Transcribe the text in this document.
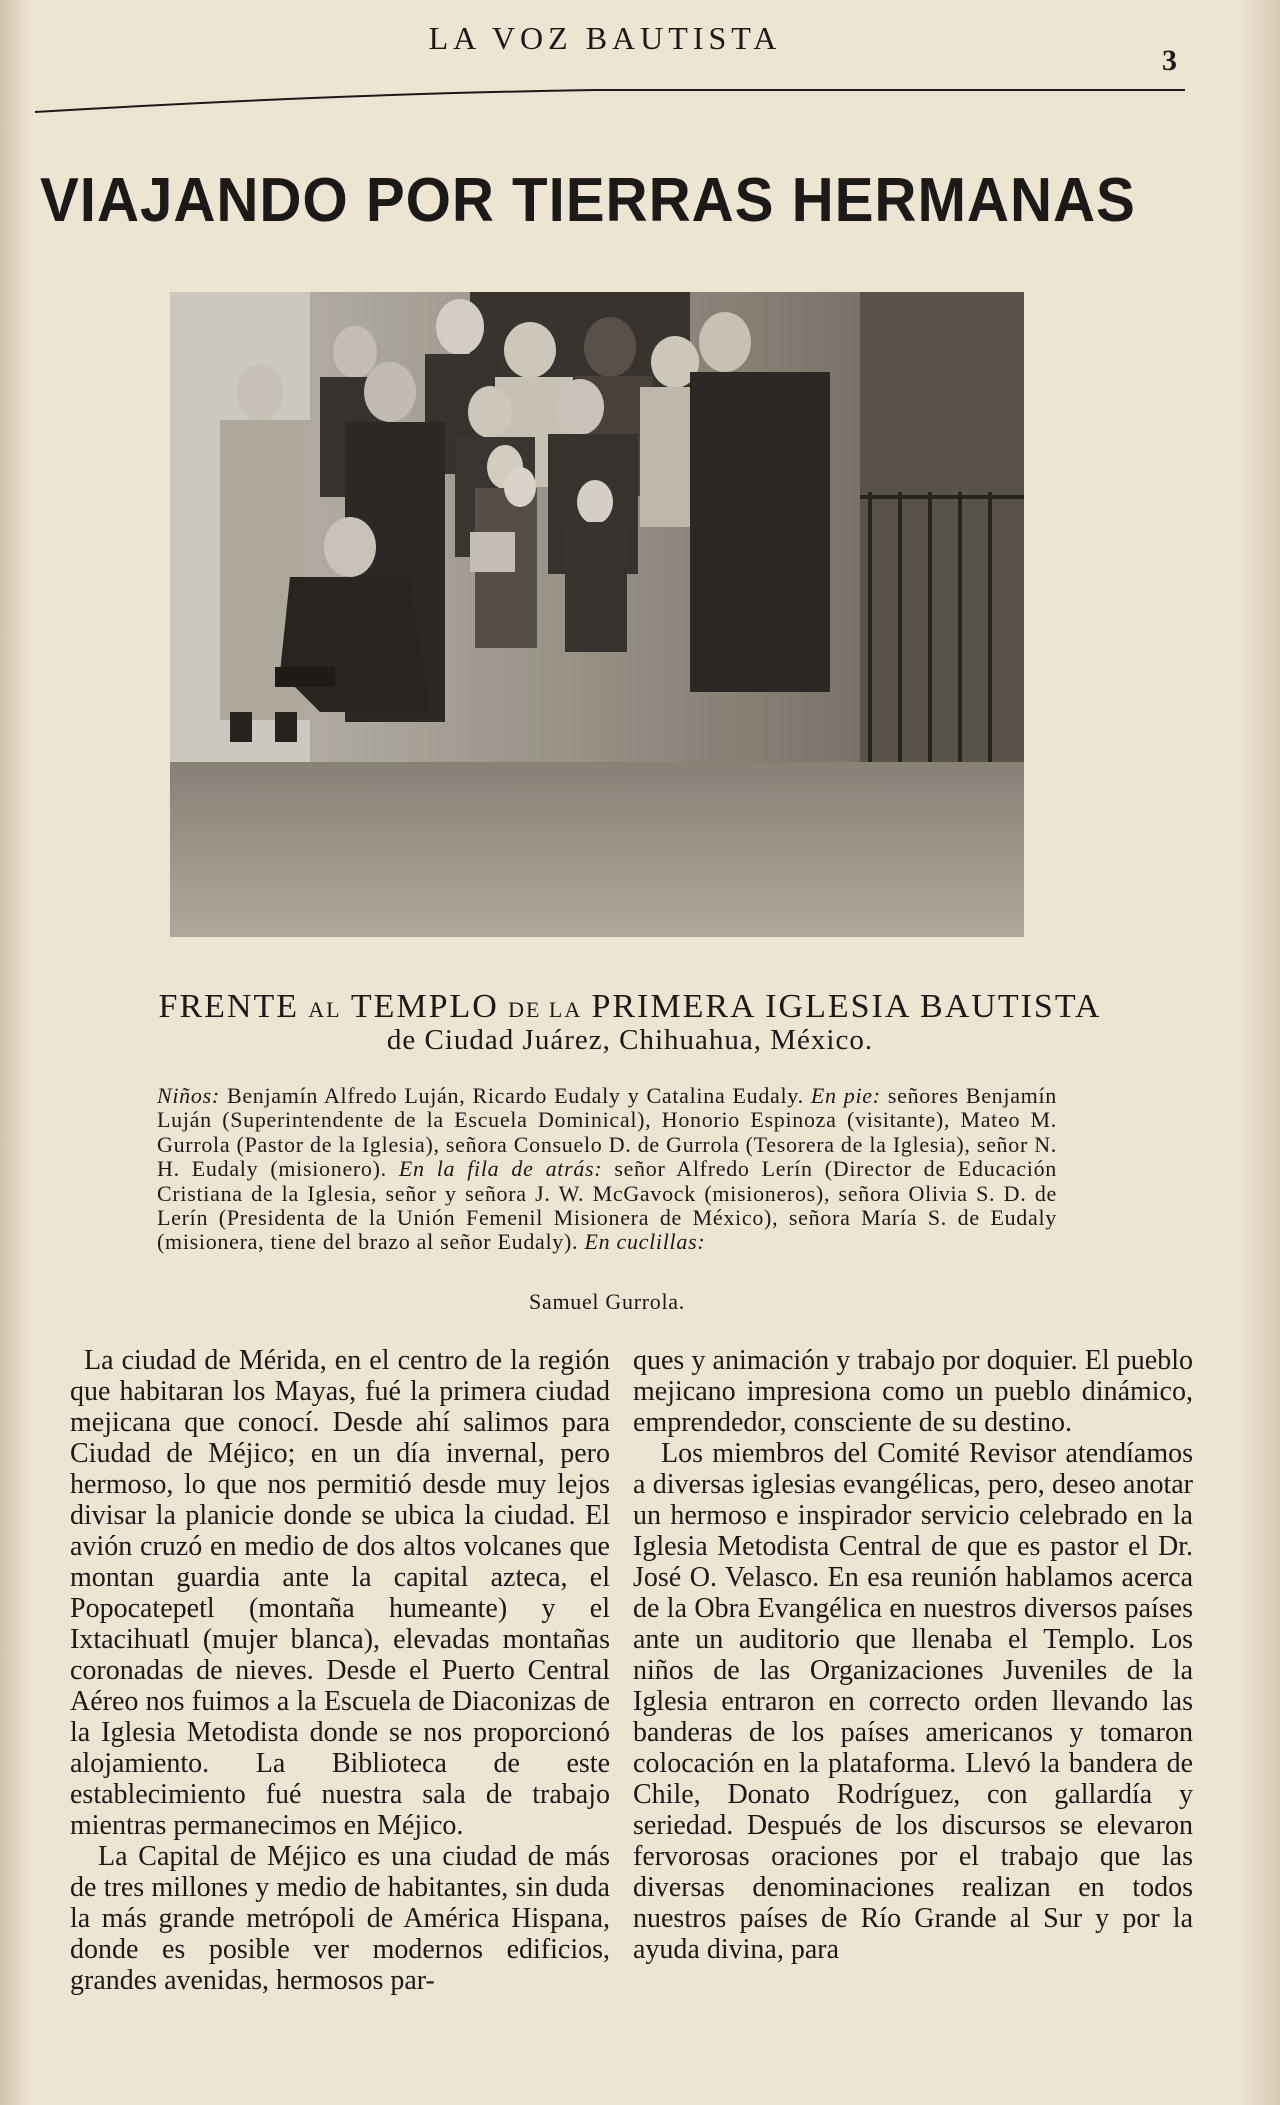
LA VOZ BAUTISTA
3
VIAJANDO POR TIERRAS HERMANAS
FRENTE AL TEMPLO DE LA PRIMERA IGLESIA BAUTISTA
de Ciudad Juárez, Chihuahua, México.
Niños: Benjamín Alfredo Luján, Ricardo Eudaly y Catalina Eudaly. En pie: señores Benjamín Luján (Superintendente de la Escuela Dominical), Honorio Espinoza (visitante), Mateo M. Gurrola (Pastor de la Iglesia), señora Consuelo D. de Gurrola (Tesorera de la Iglesia), señor N. H. Eudaly (misionero). En la fila de atrás: señor Alfredo Lerín (Director de Educación Cristiana de la Iglesia, señor y señora J. W. McGavock (misioneros), señora Olivia S. D. de Lerín (Presidenta de la Unión Femenil Misionera de México), señora María S. de Eudaly (misionera, tiene del brazo al señor Eudaly). En cuclillas:
Samuel Gurrola.

La ciudad de Mérida, en el centro de la región que habitaran los Mayas, fué la primera ciudad mejicana que conocí. Desde ahí salimos para Ciudad de Méjico; en un día invernal, pero hermoso, lo que nos permitió desde muy lejos divisar la planicie donde se ubica la ciudad. El avión cruzó en medio de dos altos volcanes que montan guardia ante la capital azteca, el Popocatepetl (montaña humeante) y el Ixtacihuatl (mujer blanca), elevadas montañas coronadas de nieves. Desde el Puerto Central Aéreo nos fuimos a la Escuela de Diaconizas de la Iglesia Metodista donde se nos proporcionó alojamiento. La Biblioteca de este establecimiento fué nuestra sala de trabajo mientras permanecimos en Méjico.

La Capital de Méjico es una ciudad de más de tres millones y medio de habitantes, sin duda la más grande metrópoli de América Hispana, donde es posible ver modernos edificios, grandes avenidas, hermosos par-

ques y animación y trabajo por doquier. El pueblo mejicano impresiona como un pueblo dinámico, emprendedor, consciente de su destino.

Los miembros del Comité Revisor atendíamos a diversas iglesias evangélicas, pero, deseo anotar un hermoso e inspirador servicio celebrado en la Iglesia Metodista Central de que es pastor el Dr. José O. Velasco. En esa reunión hablamos acerca de la Obra Evangélica en nuestros diversos países ante un auditorio que llenaba el Templo. Los niños de las Organizaciones Juveniles de la Iglesia entraron en correcto orden llevando las banderas de los países americanos y tomaron colocación en la plataforma. Llevó la bandera de Chile, Donato Rodríguez, con gallardía y seriedad. Después de los discursos se elevaron fervorosas oraciones por el trabajo que las diversas denominaciones realizan en todos nuestros países de Río Grande al Sur y por la ayuda divina, para
